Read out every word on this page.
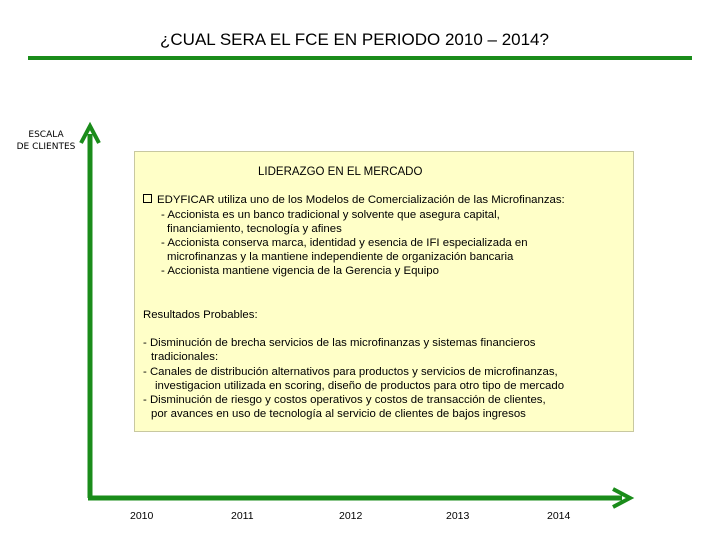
¿CUAL SERA EL FCE EN PERIODO 2010 – 2014?
ESCALA
DE CLIENTES
LIDERAZGO EN EL MERCADO
EDYFICAR utiliza uno de los Modelos de Comercialización de las Microfinanzas:
- Accionista es un banco tradicional y solvente que asegura capital,
financiamiento, tecnología y afines
- Accionista conserva marca, identidad y esencia de IFI especializada en
microfinanzas y la mantiene independiente de organización bancaria
- Accionista mantiene vigencia de la Gerencia y Equipo
Resultados Probables:
- Disminución de brecha servicios de las microfinanzas y sistemas financieros
tradicionales:
- Canales de distribución alternativos para productos y servicios de microfinanzas,
investigacion utilizada en scoring, diseño de productos para otro tipo de mercado
- Disminución de riesgo y costos operativos y costos de transacción de clientes,
por avances en uso de tecnología al servicio de clientes de bajos ingresos
2010	2011	2012	2013	2014
